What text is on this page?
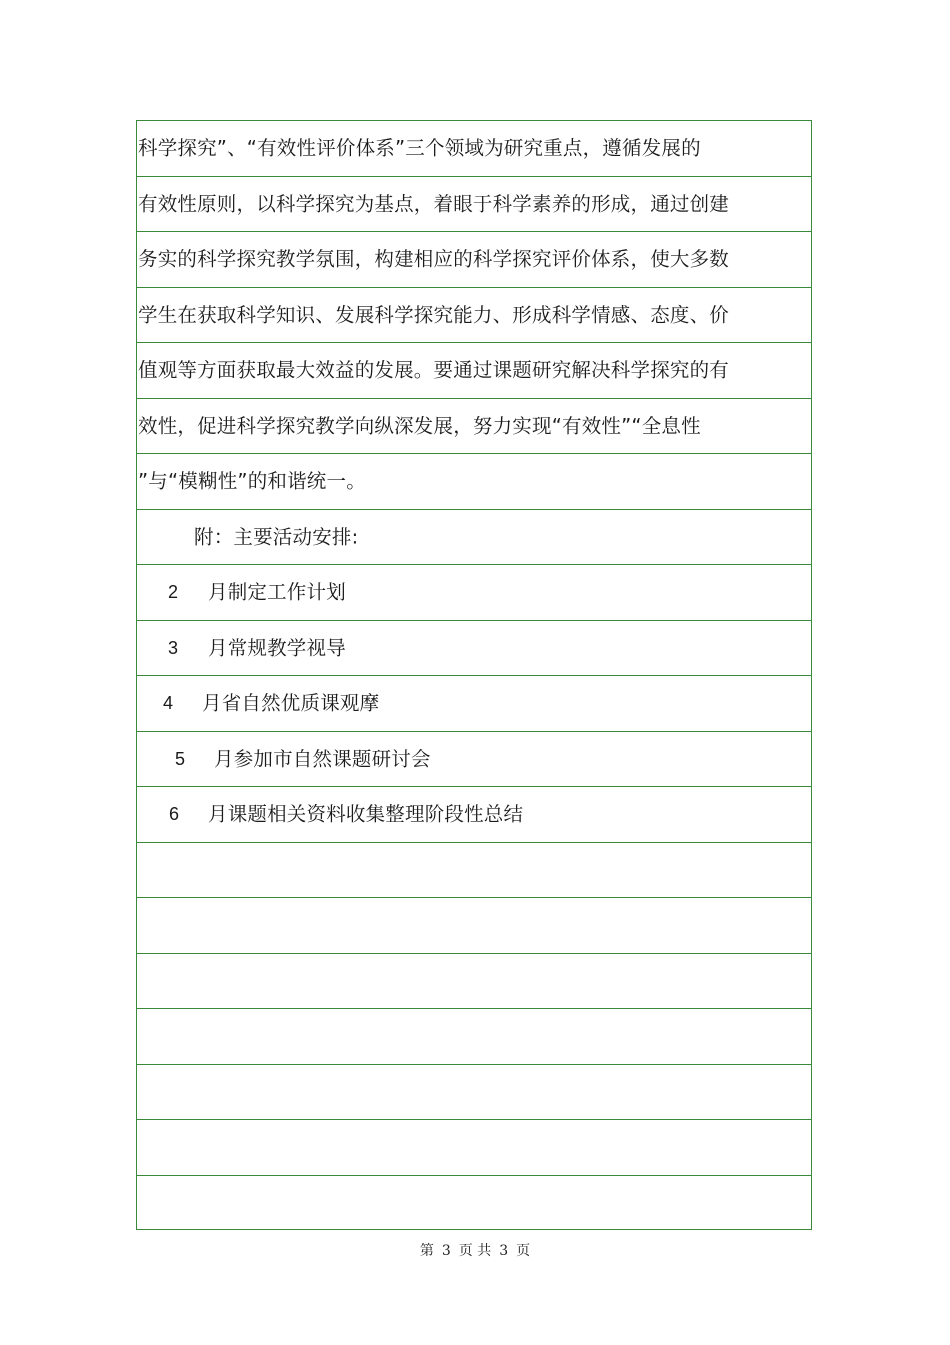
科学探究”、“有效性评价体系”三个领域为研究重点，遵循发展的
有效性原则，以科学探究为基点，着眼于科学素养的形成，通过创建
务实的科学探究教学氛围，构建相应的科学探究评价体系，使大多数
学生在获取科学知识、发展科学探究能力、形成科学情感、态度、价
值观等方面获取最大效益的发展。要通过课题研究解决科学探究的有
效性，促进科学探究教学向纵深发展，努力实现“有效性”“全息性
”与“模糊性”的和谐统一。
附：主要活动安排:
2 月制定工作计划
3 月常规教学视导
4 月省自然优质课观摩
5 月参加市自然课题研讨会
6 月课题相关资料收集整理阶段性总结
第 3 页 共 3 页
